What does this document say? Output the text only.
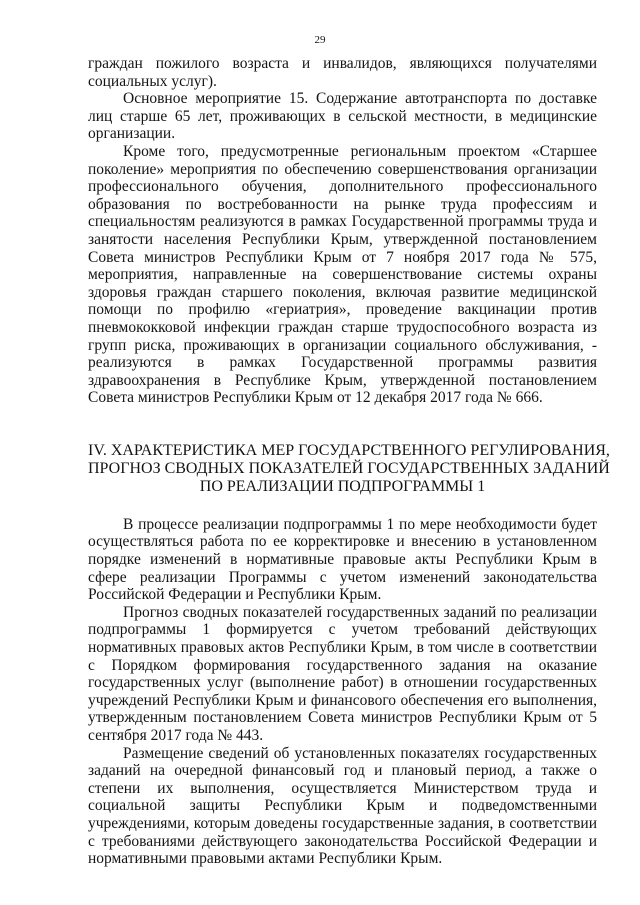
29

граждан пожилого возраста и инвалидов, являющихся получателями социальных услуг).

Основное мероприятие 15. Содержание автотранспорта по доставке лиц старше 65 лет, проживающих в сельской местности, в медицинские организации.

Кроме того, предусмотренные региональным проектом «Старшее поколение» мероприятия по обеспечению совершенствования организации профессионального обучения, дополнительного профессионального образования по востребованности на рынке труда профессиям и специальностям реализуются в рамках Государственной программы труда и занятости населения Республики Крым, утвержденной постановлением Совета министров Республики Крым от 7 ноября 2017 года № 575, мероприятия, направленные на совершенствование системы охраны здоровья граждан старшего поколения, включая развитие медицинской помощи по профилю «гериатрия», проведение вакцинации против пневмококковой инфекции граждан старше трудоспособного возраста из групп риска, проживающих в организации социального обслуживания, - реализуются в рамках Государственной программы развития здравоохранения в Республике Крым, утвержденной постановлением Совета министров Республики Крым от 12 декабря 2017 года № 666.

IV. ХАРАКТЕРИСТИКА МЕР ГОСУДАРСТВЕННОГО РЕГУЛИРОВАНИЯ,
ПРОГНОЗ СВОДНЫХ ПОКАЗАТЕЛЕЙ ГОСУДАРСТВЕННЫХ ЗАДАНИЙ
ПО РЕАЛИЗАЦИИ ПОДПРОГРАММЫ 1

В процессе реализации подпрограммы 1 по мере необходимости будет осуществляться работа по ее корректировке и внесению в установленном порядке изменений в нормативные правовые акты Республики Крым в сфере реализации Программы с учетом изменений законодательства Российской Федерации и Республики Крым.

Прогноз сводных показателей государственных заданий по реализации подпрограммы 1 формируется с учетом требований действующих нормативных правовых актов Республики Крым, в том числе в соответствии с Порядком формирования государственного задания на оказание государственных услуг (выполнение работ) в отношении государственных учреждений Республики Крым и финансового обеспечения его выполнения, утвержденным постановлением Совета министров Республики Крым от 5 сентября 2017 года № 443.

Размещение сведений об установленных показателях государственных заданий на очередной финансовый год и плановый период, а также о степени их выполнения, осуществляется Министерством труда и социальной защиты Республики Крым и подведомственными учреждениями, которым доведены государственные задания, в соответствии с требованиями действующего законодательства Российской Федерации и нормативными правовыми актами Республики Крым.
